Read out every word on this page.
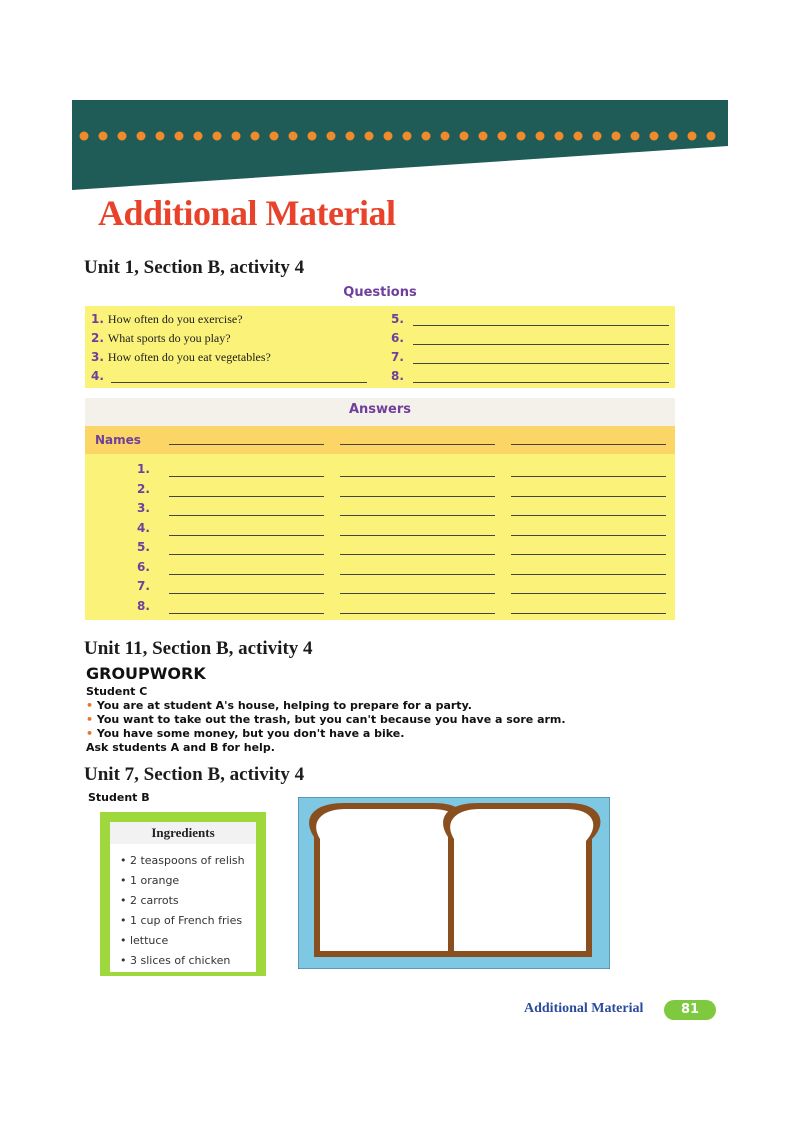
Additional Material
Unit 1, Section B, activity 4
Questions
1. How often do you exercise?
2. What sports do you play?
3. How often do you eat vegetables?
4.
5.
6.
7.
8.
Answers
Names
1.
2.
3.
4.
5.
6.
7.
8.
Unit 11, Section B, activity 4
GROUPWORK
Student C
• You are at student A's house, helping to prepare for a party.
• You want to take out the trash, but you can't because you have a sore arm.
• You have some money, but you don't have a bike.
Ask students A and B for help.
Unit 7, Section B, activity 4
Student B
Ingredients
• 2 teaspoons of relish
• 1 orange
• 2 carrots
• 1 cup of French fries
• lettuce
• 3 slices of chicken
Additional Material	81
